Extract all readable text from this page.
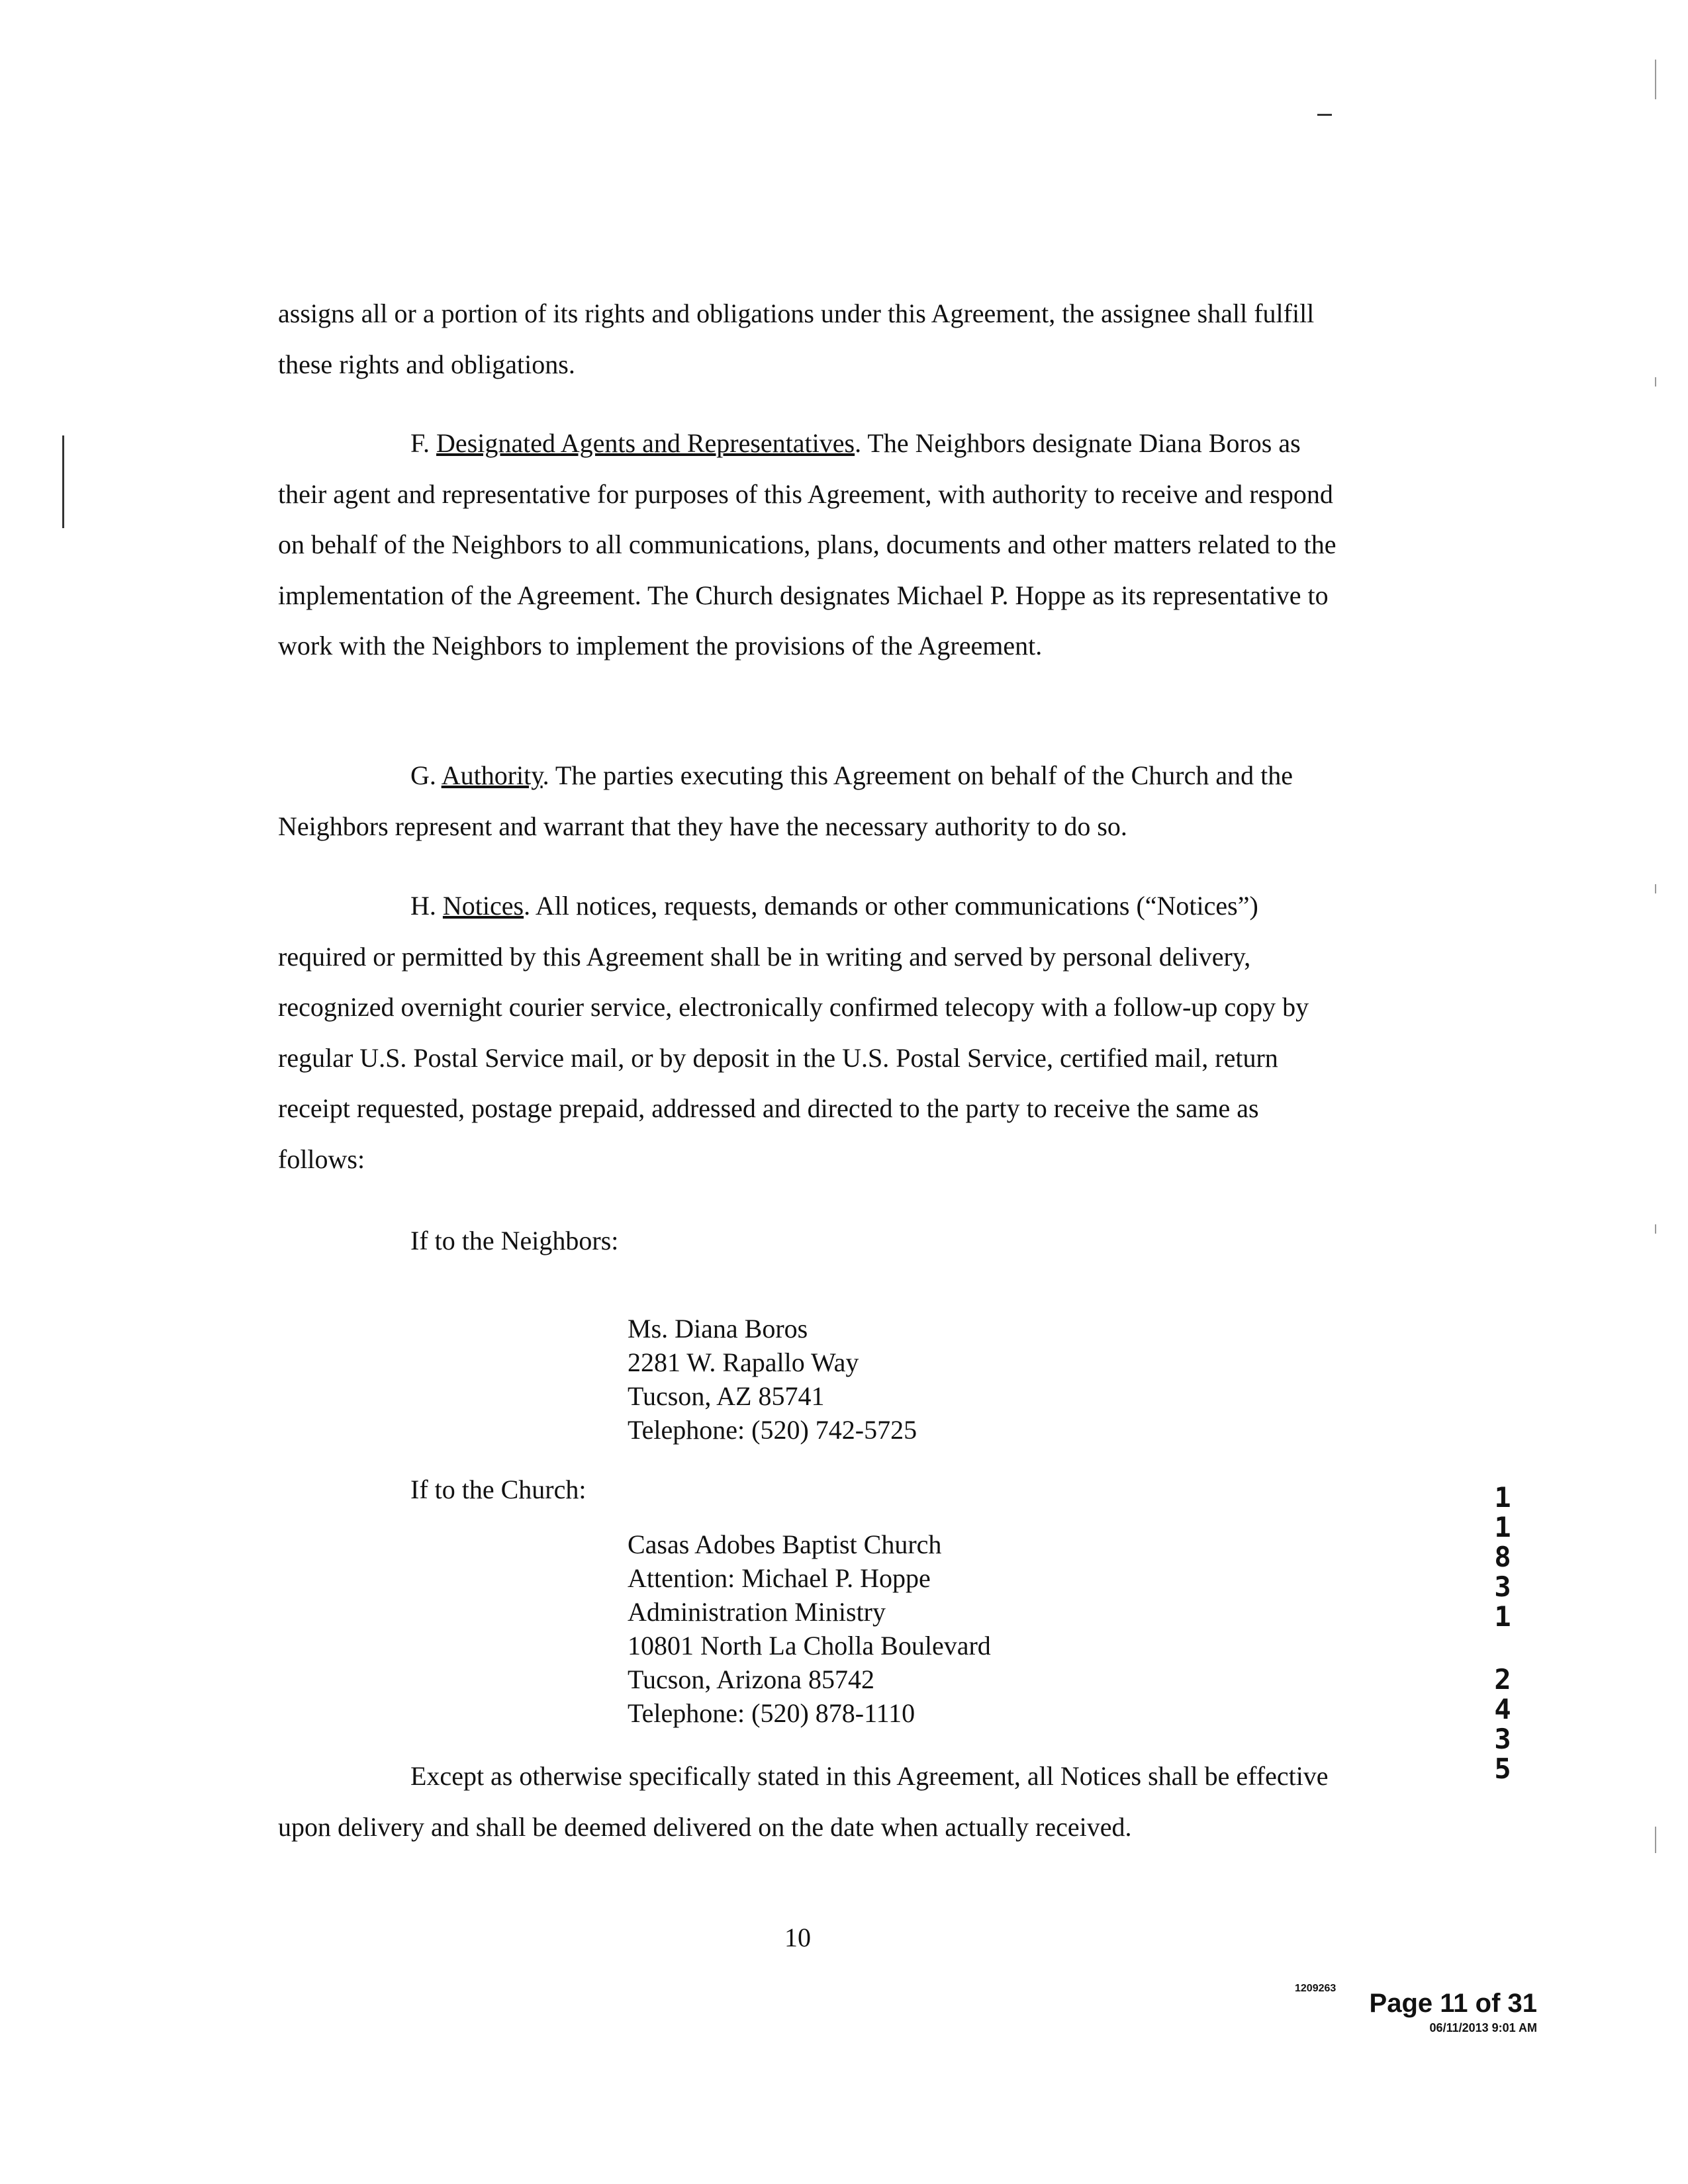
assigns all or a portion of its rights and obligations under this Agreement, the assignee shall fulfill these rights and obligations.

F. Designated Agents and Representatives. The Neighbors designate Diana Boros as their agent and representative for purposes of this Agreement, with authority to receive and respond on behalf of the Neighbors to all communications, plans, documents and other matters related to the implementation of the Agreement. The Church designates Michael P. Hoppe as its representative to work with the Neighbors to implement the provisions of the Agreement.

G. Authority. The parties executing this Agreement on behalf of the Church and the Neighbors represent and warrant that they have the necessary authority to do so.

H. Notices. All notices, requests, demands or other communications (“Notices”) required or permitted by this Agreement shall be in writing and served by personal delivery, recognized overnight courier service, electronically confirmed telecopy with a follow-up copy by regular U.S. Postal Service mail, or by deposit in the U.S. Postal Service, certified mail, return receipt requested, postage prepaid, addressed and directed to the party to receive the same as follows:

If to the Neighbors:

Ms. Diana Boros
2281 W. Rapallo Way
Tucson, AZ 85741
Telephone: (520) 742-5725

If to the Church:

Casas Adobes Baptist Church
Attention: Michael P. Hoppe
Administration Ministry
10801 North La Cholla Boulevard
Tucson, Arizona 85742
Telephone: (520) 878-1110

Except as otherwise specifically stated in this Agreement, all Notices shall be effective upon delivery and shall be deemed delivered on the date when actually received.

10
1209263
Page 11 of 31
06/11/2013 9:01 AM
1
1
8
3
1
2
4
3
5
